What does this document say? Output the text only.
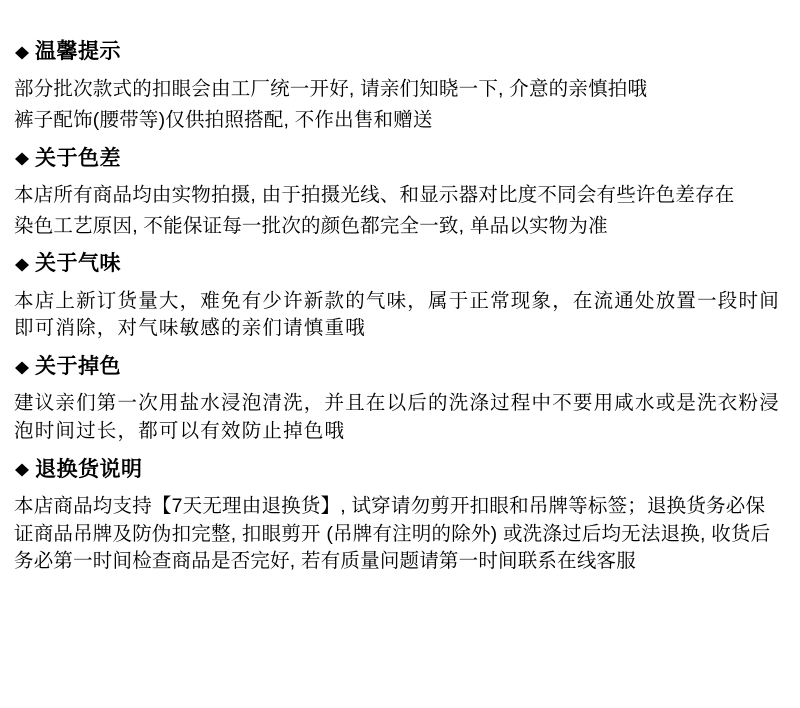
温馨提示

部分批次款式的扣眼会由工厂统一开好, 请亲们知晓一下, 介意的亲慎拍哦

裤子配饰(腰带等)仅供拍照搭配, 不作出售和赠送

关于色差

本店所有商品均由实物拍摄, 由于拍摄光线、和显示器对比度不同会有些许色差存在

染色工艺原因, 不能保证每一批次的颜色都完全一致, 单品以实物为准

关于气味

本店上新订货量大，难免有少许新款的气味，属于正常现象，在流通处放置一段时间即可消除，对气味敏感的亲们请慎重哦

关于掉色

建议亲们第一次用盐水浸泡清洗，并且在以后的洗涤过程中不要用咸水或是洗衣粉浸泡时间过长，都可以有效防止掉色哦

退换货说明

本店商品均支持【7天无理由退换货】, 试穿请勿剪开扣眼和吊牌等标签；退换货务必保证商品吊牌及防伪扣完整, 扣眼剪开 (吊牌有注明的除外) 或洗涤过后均无法退换, 收货后务必第一时间检查商品是否完好, 若有质量问题请第一时间联系在线客服
